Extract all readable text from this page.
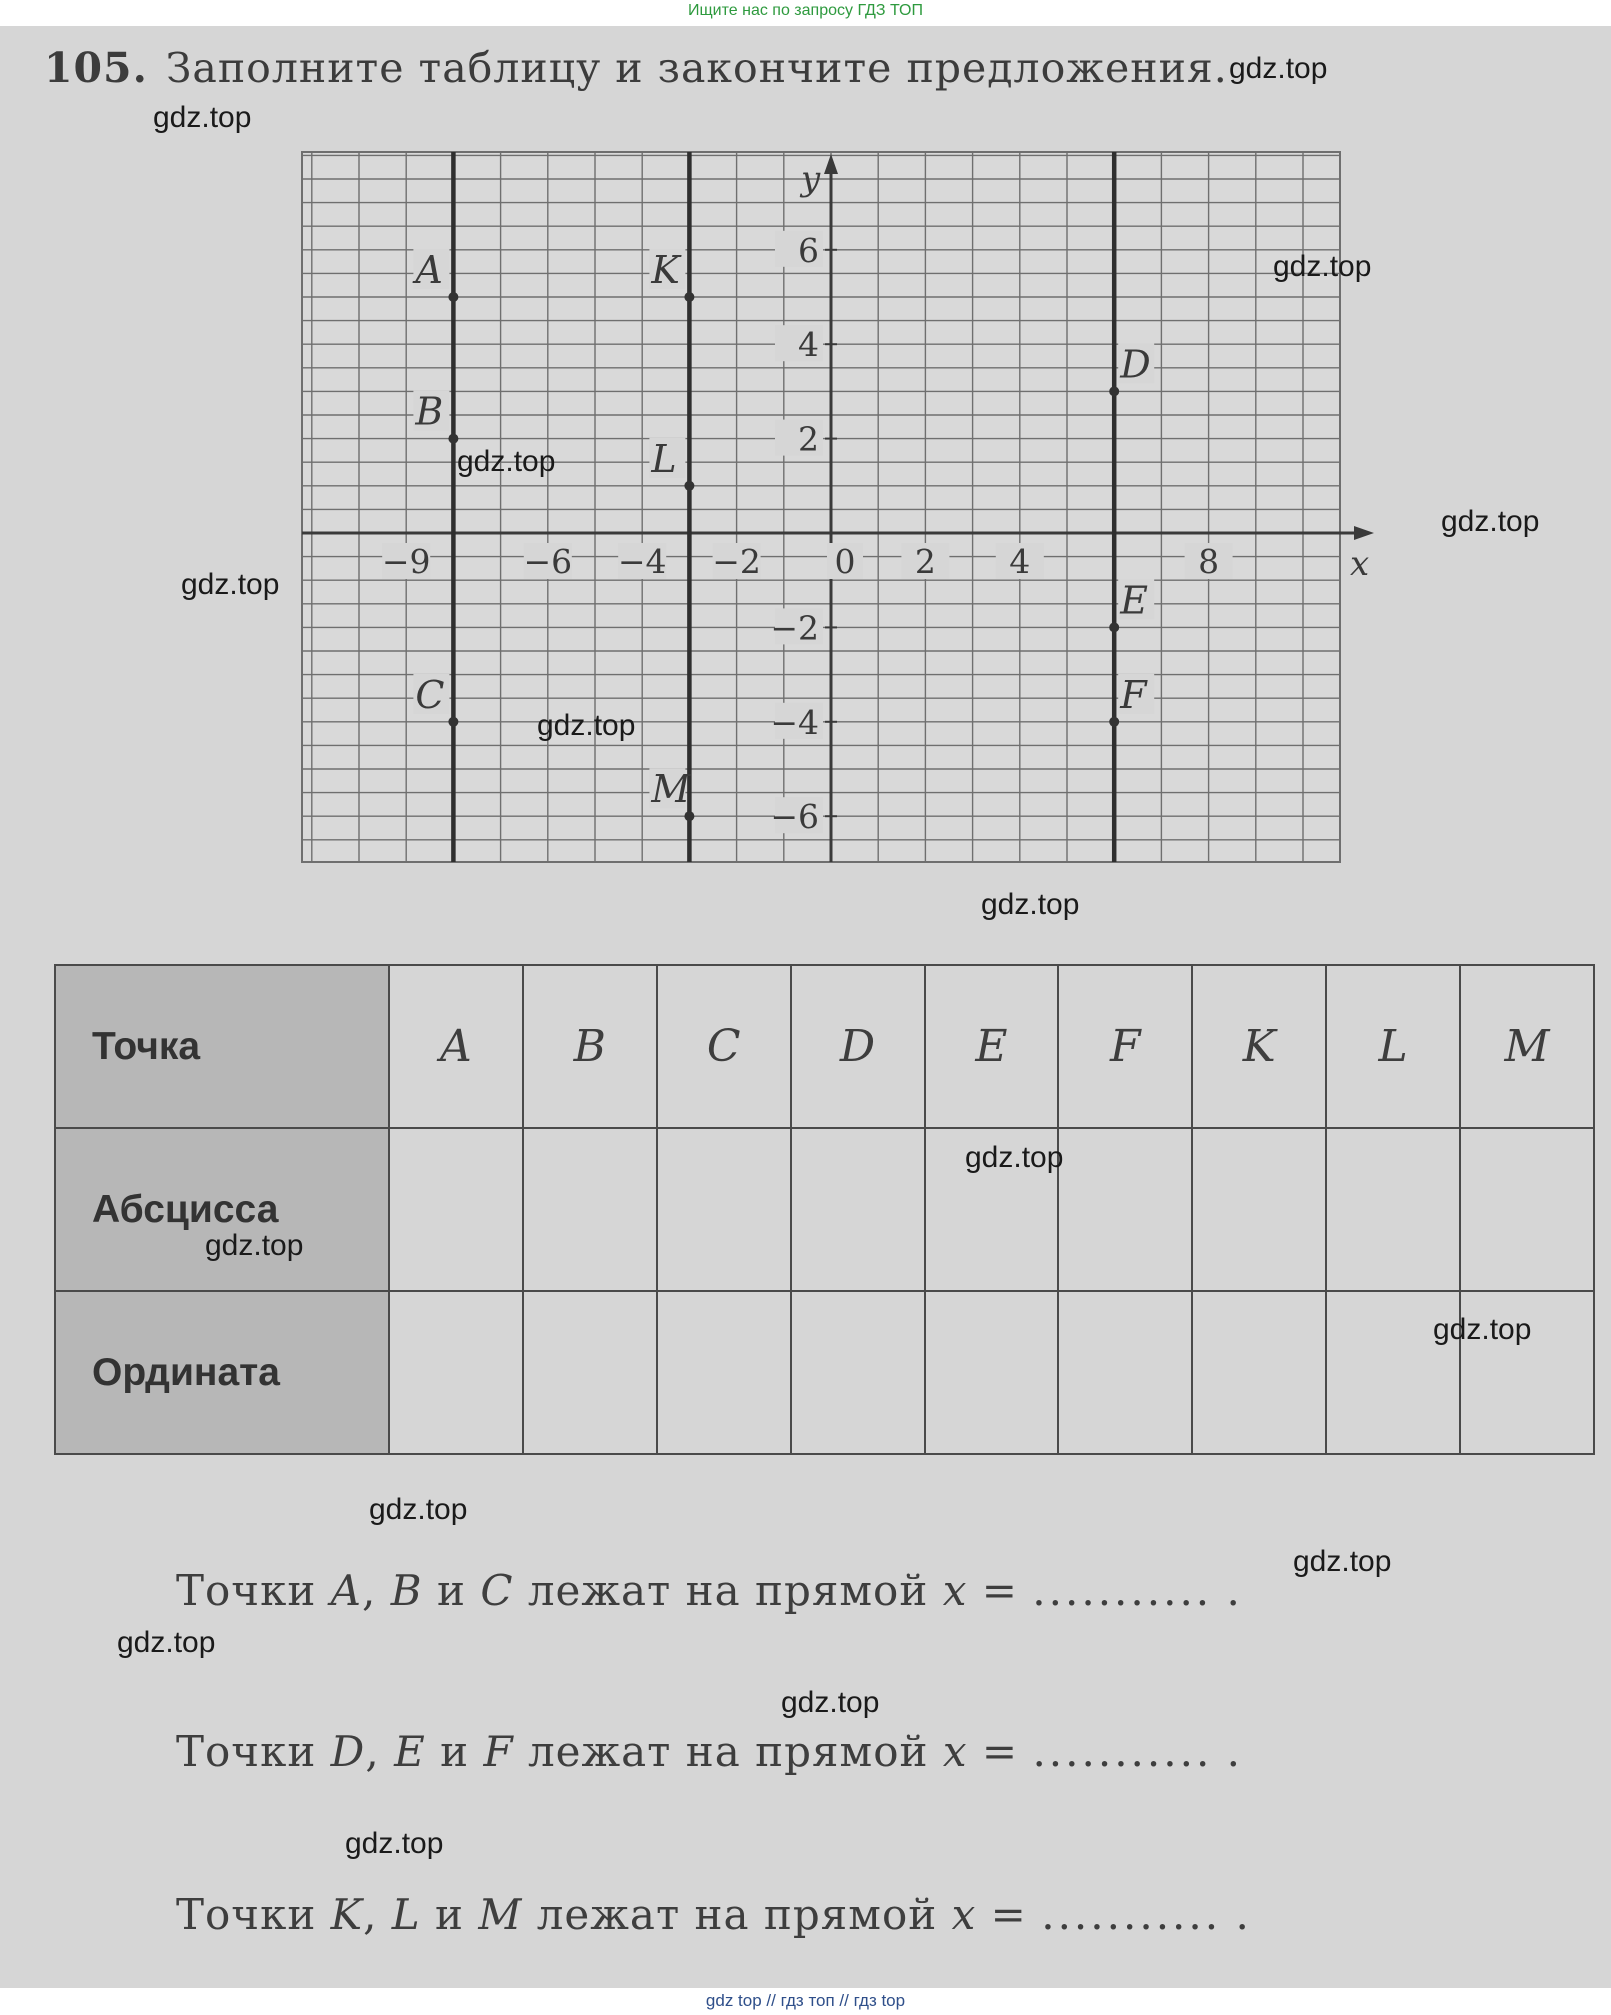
Ищите нас по запросу ГДЗ ТОП
105. Заполните таблицу и закончите предложения.
x
y
−9	−6 −4 −2 0 2 4	8
6
4
2
−2
−4
−6
A
B
C
K
L
M
D
E
F
Точка	A	B	C	D	E	F	K	L	M
Абсцисса									
Ордината									
Точки A, B и C лежат на прямой x = ........... .
Точки D, E и F лежат на прямой x = ........... .
Точки K, L и M лежат на прямой x = ........... .
gdz.top
gdz.top
gdz.top
gdz.top
gdz.top
gdz.top
gdz.top
gdz.top
gdz.top
gdz.top
gdz.top
gdz.top
gdz.top
gdz.top
gdz.top
gdz.top
gdz top // гдз топ // гдз top
